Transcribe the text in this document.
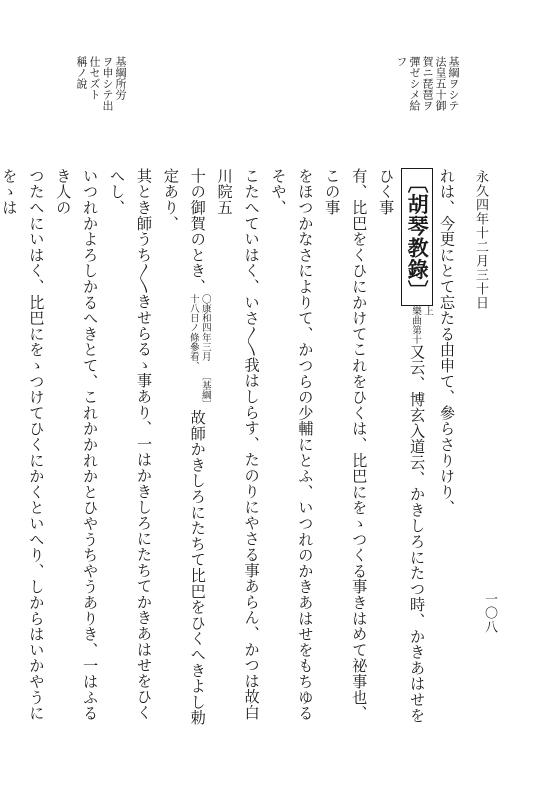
永久四年十二月三十日
基綱ヲシテ
法皇五十御
賀ニ琵琶ヲ
彈ゼシメ給
フ
基綱所労
ヲ申シテ出
仕セズト
稱ノ說

れは、今更にとて忘たる由申て、參らさりけり、

〔胡琴教錄〕上
樂曲第十又云、博玄入道云、かきしろにたつ時、かきあはせをひく事

有、比巴をくひにかけてこれをひくは、比巴にをゝつくる事きはめて祕事也、この事

をほつかなさによりて、かつらの少輔にとふ、いつれのかきあはせをもちゆるそや、

こたへていはく、いさ〳〵我はしらす、たのりにやさる事あらん、かつは故白川院五

十の御賀のとき、〇康和四年三月
十八日ノ條參看、〔基綱〕故師かきしろにたちて比巴をひくへきよし勅定あり、

其とき師うち〳〵きせらるゝ事あり、一はかきしろにたちてかきあはせをひくへし、

いつれかよろしかるへきとて、これかかれかとひやうちやうありき、一はふるき人の

つたへにいはく、比巴にをゝつけてひくにかくといへり、しからはいかやうにをゝは

一〇八
